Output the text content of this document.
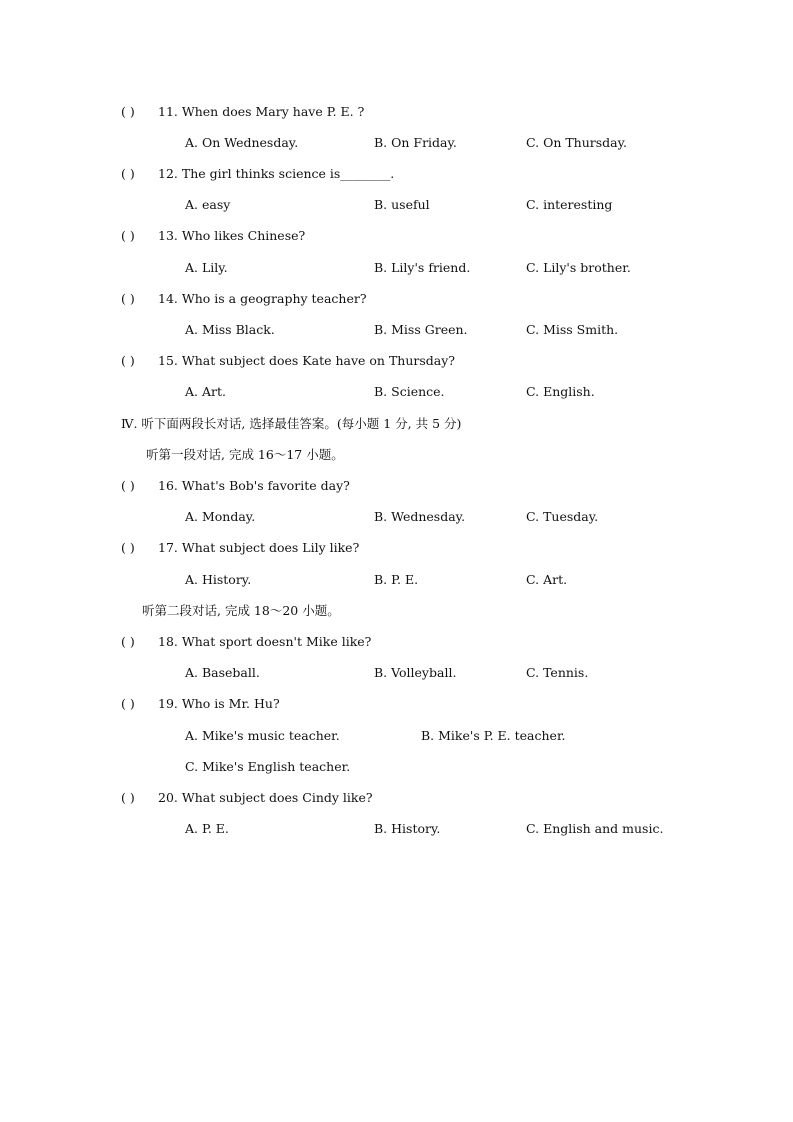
( ) 11. When does Mary have P. E. ?
A. On Wednesday.	B. On Friday.	C. On Thursday.
( ) 12. The girl thinks science is________.
A. easy	B. useful	C. interesting
( ) 13. Who likes Chinese?
A. Lily.	B. Lily's friend.	C. Lily's brother.
( ) 14. Who is a geography teacher?
A. Miss Black.	B. Miss Green.	C. Miss Smith.
( ) 15. What subject does Kate have on Thursday?
A. Art.	B. Science.	C. English.
Ⅳ. 听下面两段长对话, 选择最佳答案。(每小题 1 分, 共 5 分)
听第一段对话, 完成 16～17 小题。
( ) 16. What's Bob's favorite day?
A. Monday.	B. Wednesday.	C. Tuesday.
( ) 17. What subject does Lily like?
A. History.	B. P. E.	C. Art.
听第二段对话, 完成 18～20 小题。
( ) 18. What sport doesn't Mike like?
A. Baseball.	B. Volleyball.	C. Tennis.
( ) 19. Who is Mr. Hu?
A. Mike's music teacher.	B. Mike's P. E. teacher.
C. Mike's English teacher.
( ) 20. What subject does Cindy like?
A. P. E.	B. History.	C. English and music.
